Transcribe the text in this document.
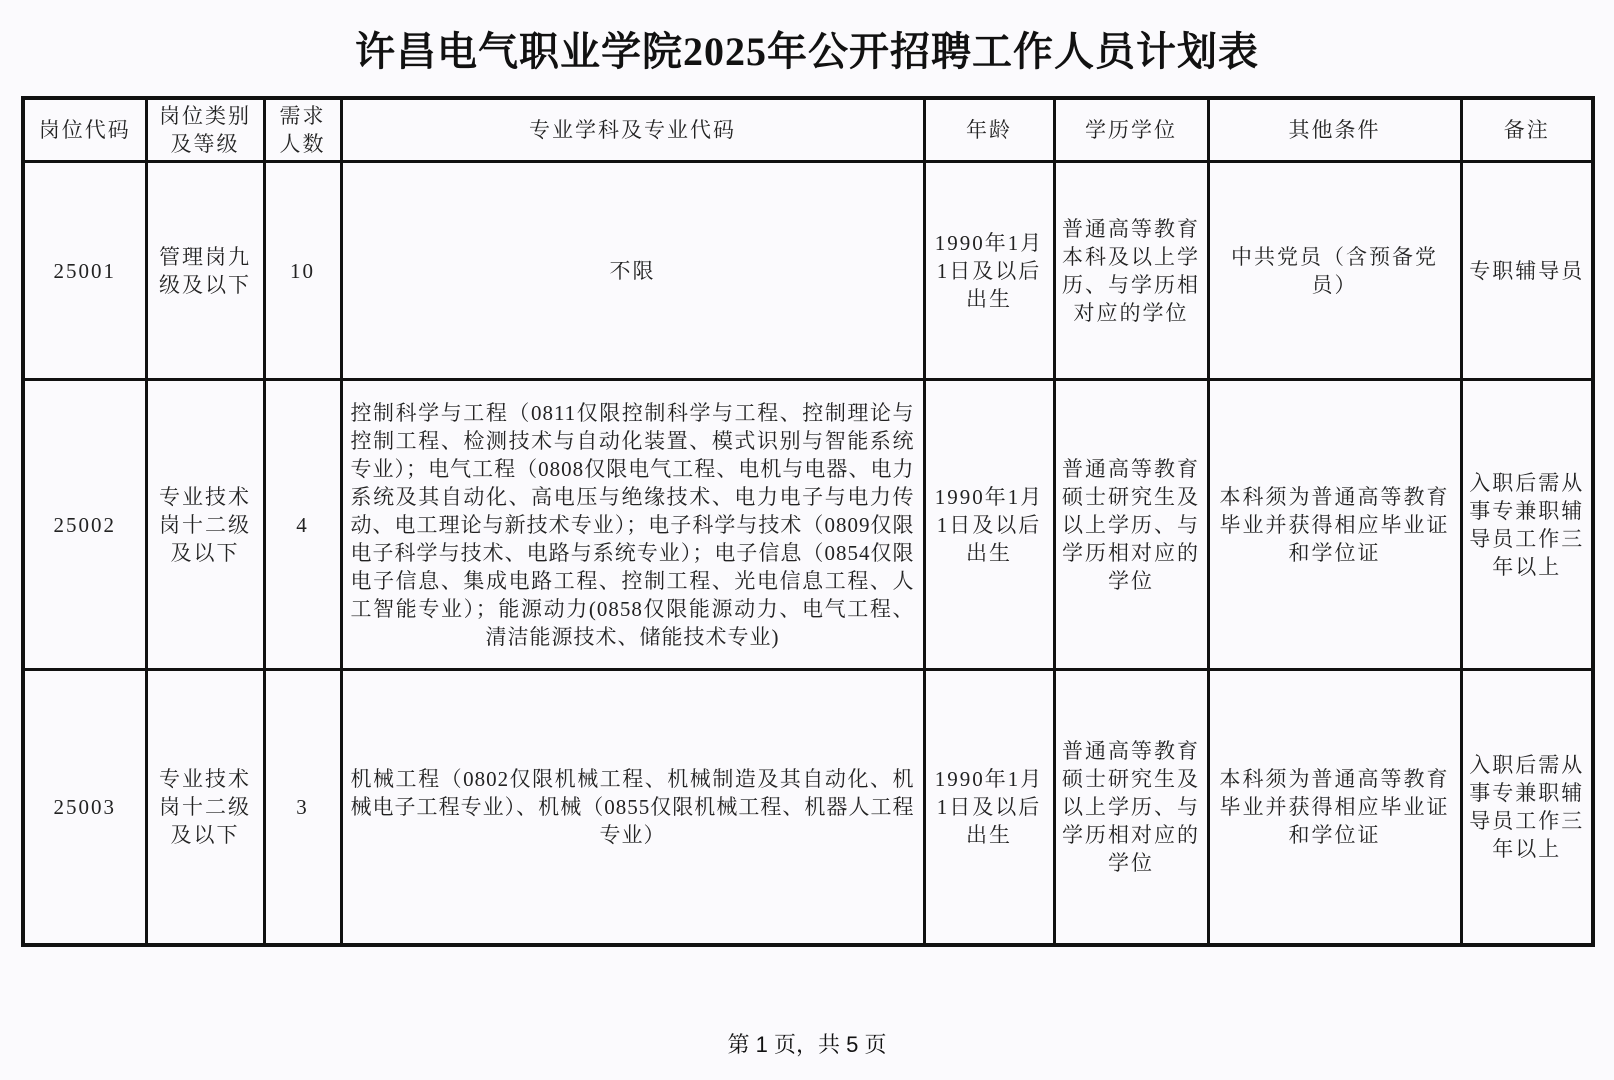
许昌电气职业学院2025年公开招聘工作人员计划表
岗位代码	岗位类别及等级	需求人数	专业学科及专业代码	年龄	学历学位	其他条件	备注
25001	管理岗九级及以下	10	不限	1990年1月1日及以后出生	普通高等教育本科及以上学历、与学历相对应的学位	中共党员（含预备党员）	专职辅导员
25002	专业技术岗十二级及以下	4	控制科学与工程（0811仅限控制科学与工程、控制理论与控制工程、检测技术与自动化装置、模式识别与智能系统专业）；电气工程（0808仅限电气工程、电机与电器、电力系统及其自动化、高电压与绝缘技术、电力电子与电力传动、电工理论与新技术专业）；电子科学与技术（0809仅限电子科学与技术、电路与系统专业）；电子信息（0854仅限电子信息、集成电路工程、控制工程、光电信息工程、人工智能专业）；能源动力(0858仅限能源动力、电气工程、清洁能源技术、储能技术专业)	1990年1月1日及以后出生	普通高等教育硕士研究生及以上学历、与学历相对应的学位	本科须为普通高等教育毕业并获得相应毕业证和学位证	入职后需从事专兼职辅导员工作三年以上
25003	专业技术岗十二级及以下	3	机械工程（0802仅限机械工程、机械制造及其自动化、机械电子工程专业）、机械（0855仅限机械工程、机器人工程专业）	1990年1月1日及以后出生	普通高等教育硕士研究生及以上学历、与学历相对应的学位	本科须为普通高等教育毕业并获得相应毕业证和学位证	入职后需从事专兼职辅导员工作三年以上
第 1 页，共 5 页
